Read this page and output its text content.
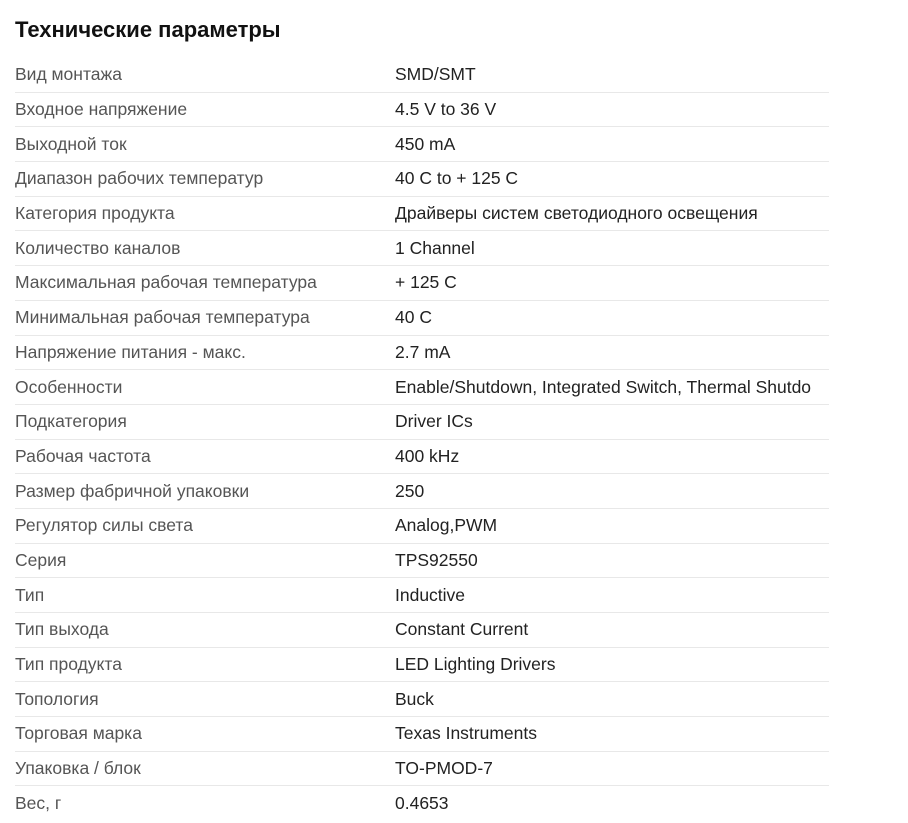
Технические параметры
Вид монтажа	SMD/SMT
Входное напряжение	4.5 V to 36 V
Выходной ток	450 mA
Диапазон рабочих температур	40 C to + 125 C
Категория продукта	Драйверы систем светодиодного освещения
Количество каналов	1 Channel
Максимальная рабочая температура	+ 125 C
Минимальная рабочая температура	40 C
Напряжение питания - макс.	2.7 mA
Особенности	Enable/Shutdown, Integrated Switch, Thermal Shutdo
Подкатегория	Driver ICs
Рабочая частота	400 kHz
Размер фабричной упаковки	250
Регулятор силы света	Analog,PWM
Серия	TPS92550
Тип	Inductive
Тип выхода	Constant Current
Тип продукта	LED Lighting Drivers
Топология	Buck
Торговая марка	Texas Instruments
Упаковка / блок	TO-PMOD-7
Вес, г	0.4653
